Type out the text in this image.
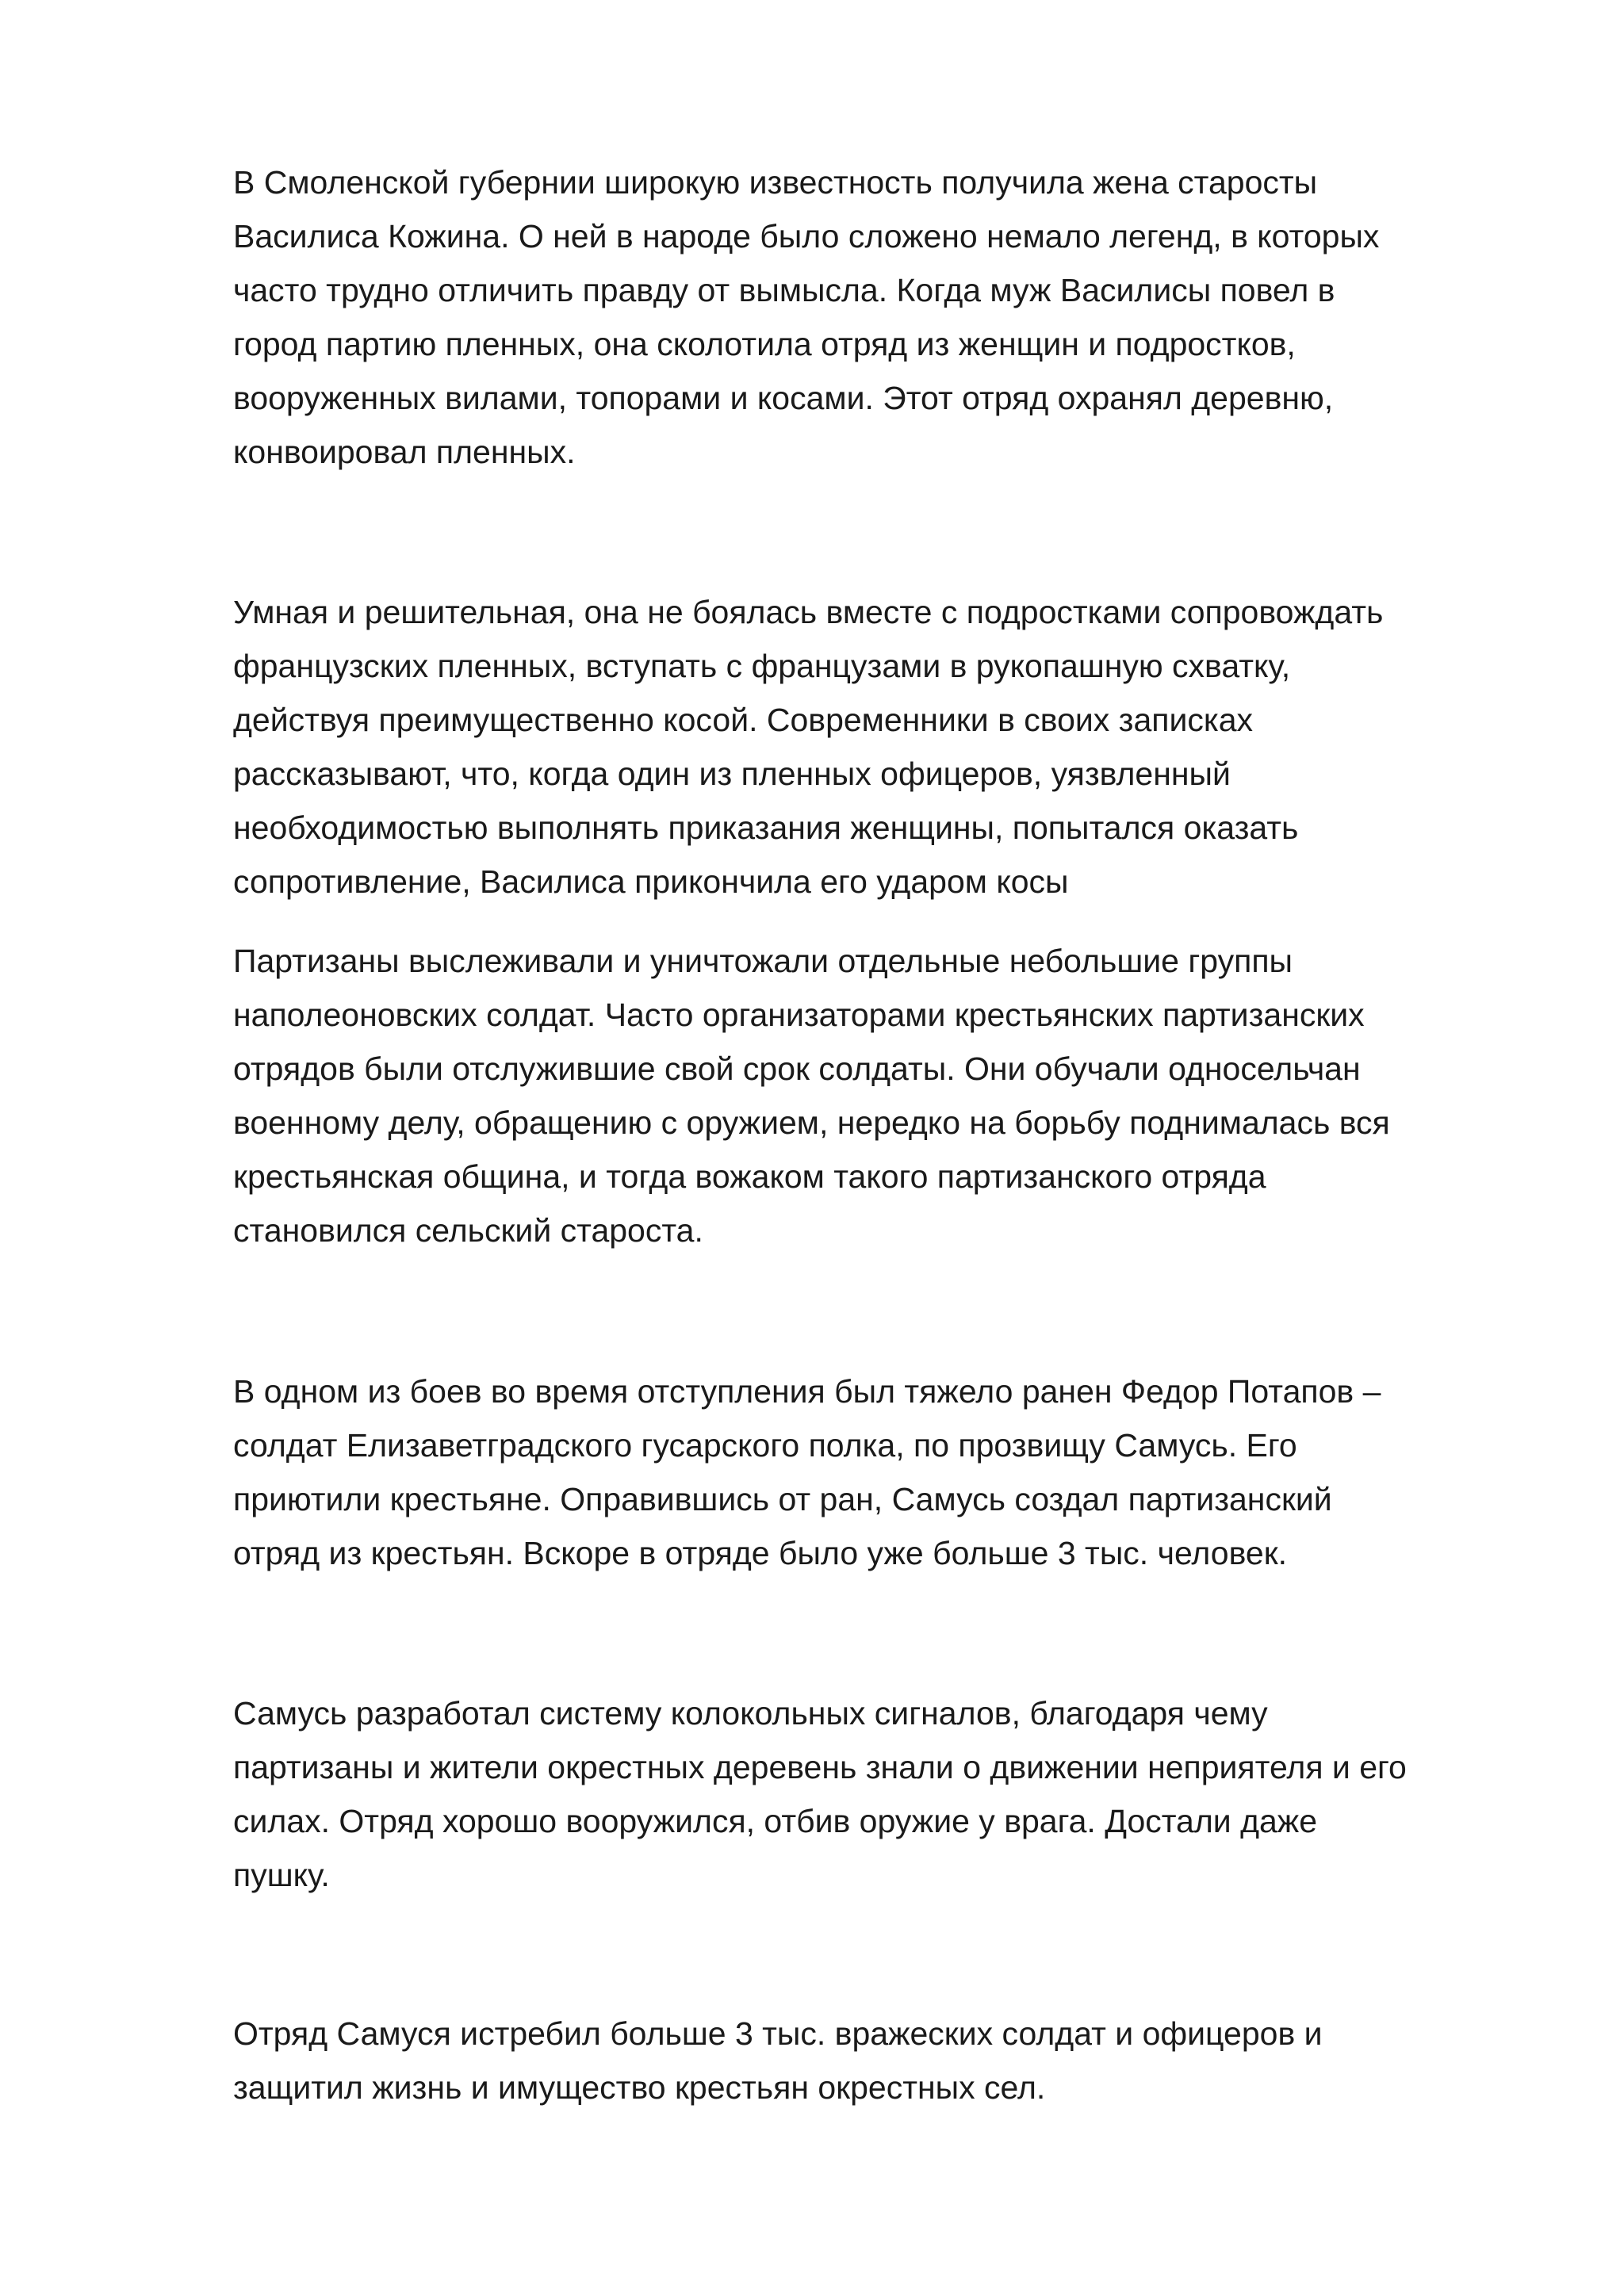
В Смоленской губернии широкую известность получила жена старосты
Василиса Кожина. О ней в народе было сложено немало легенд, в которых
часто трудно отличить правду от вымысла. Когда муж Василисы повел в
город партию пленных, она сколотила отряд из женщин и подростков,
вооруженных вилами, топорами и косами. Этот отряд охранял деревню,
конвоировал пленных.

Умная и решительная, она не боялась вместе с подростками сопровождать
французских пленных, вступать с французами в рукопашную схватку,
действуя преимущественно косой. Современники в своих записках
рассказывают, что, когда один из пленных офицеров, уязвленный
необходимостью выполнять приказания женщины, попытался оказать
сопротивление, Василиса прикончила его ударом косы

Партизаны выслеживали и уничтожали отдельные небольшие группы
наполеоновских солдат. Часто организаторами крестьянских партизанских
отрядов были отслужившие свой срок солдаты. Они обучали односельчан
военному делу, обращению с оружием, нередко на борьбу поднималась вся
крестьянская община, и тогда вожаком такого партизанского отряда
становился сельский староста.

В одном из боев во время отступления был тяжело ранен Федор Потапов –
солдат Елизаветградского гусарского полка, по прозвищу Самусь. Его
приютили крестьяне. Оправившись от ран, Самусь создал партизанский
отряд из крестьян. Вскоре в отряде было уже больше 3 тыс. человек.

Самусь разработал систему колокольных сигналов, благодаря чему
партизаны и жители окрестных деревень знали о движении неприятеля и его
силах. Отряд хорошо вооружился, отбив оружие у врага. Достали даже
пушку.

Отряд Самуся истребил больше 3 тыс. вражеских солдат и офицеров и
защитил жизнь и имущество крестьян окрестных сел.
